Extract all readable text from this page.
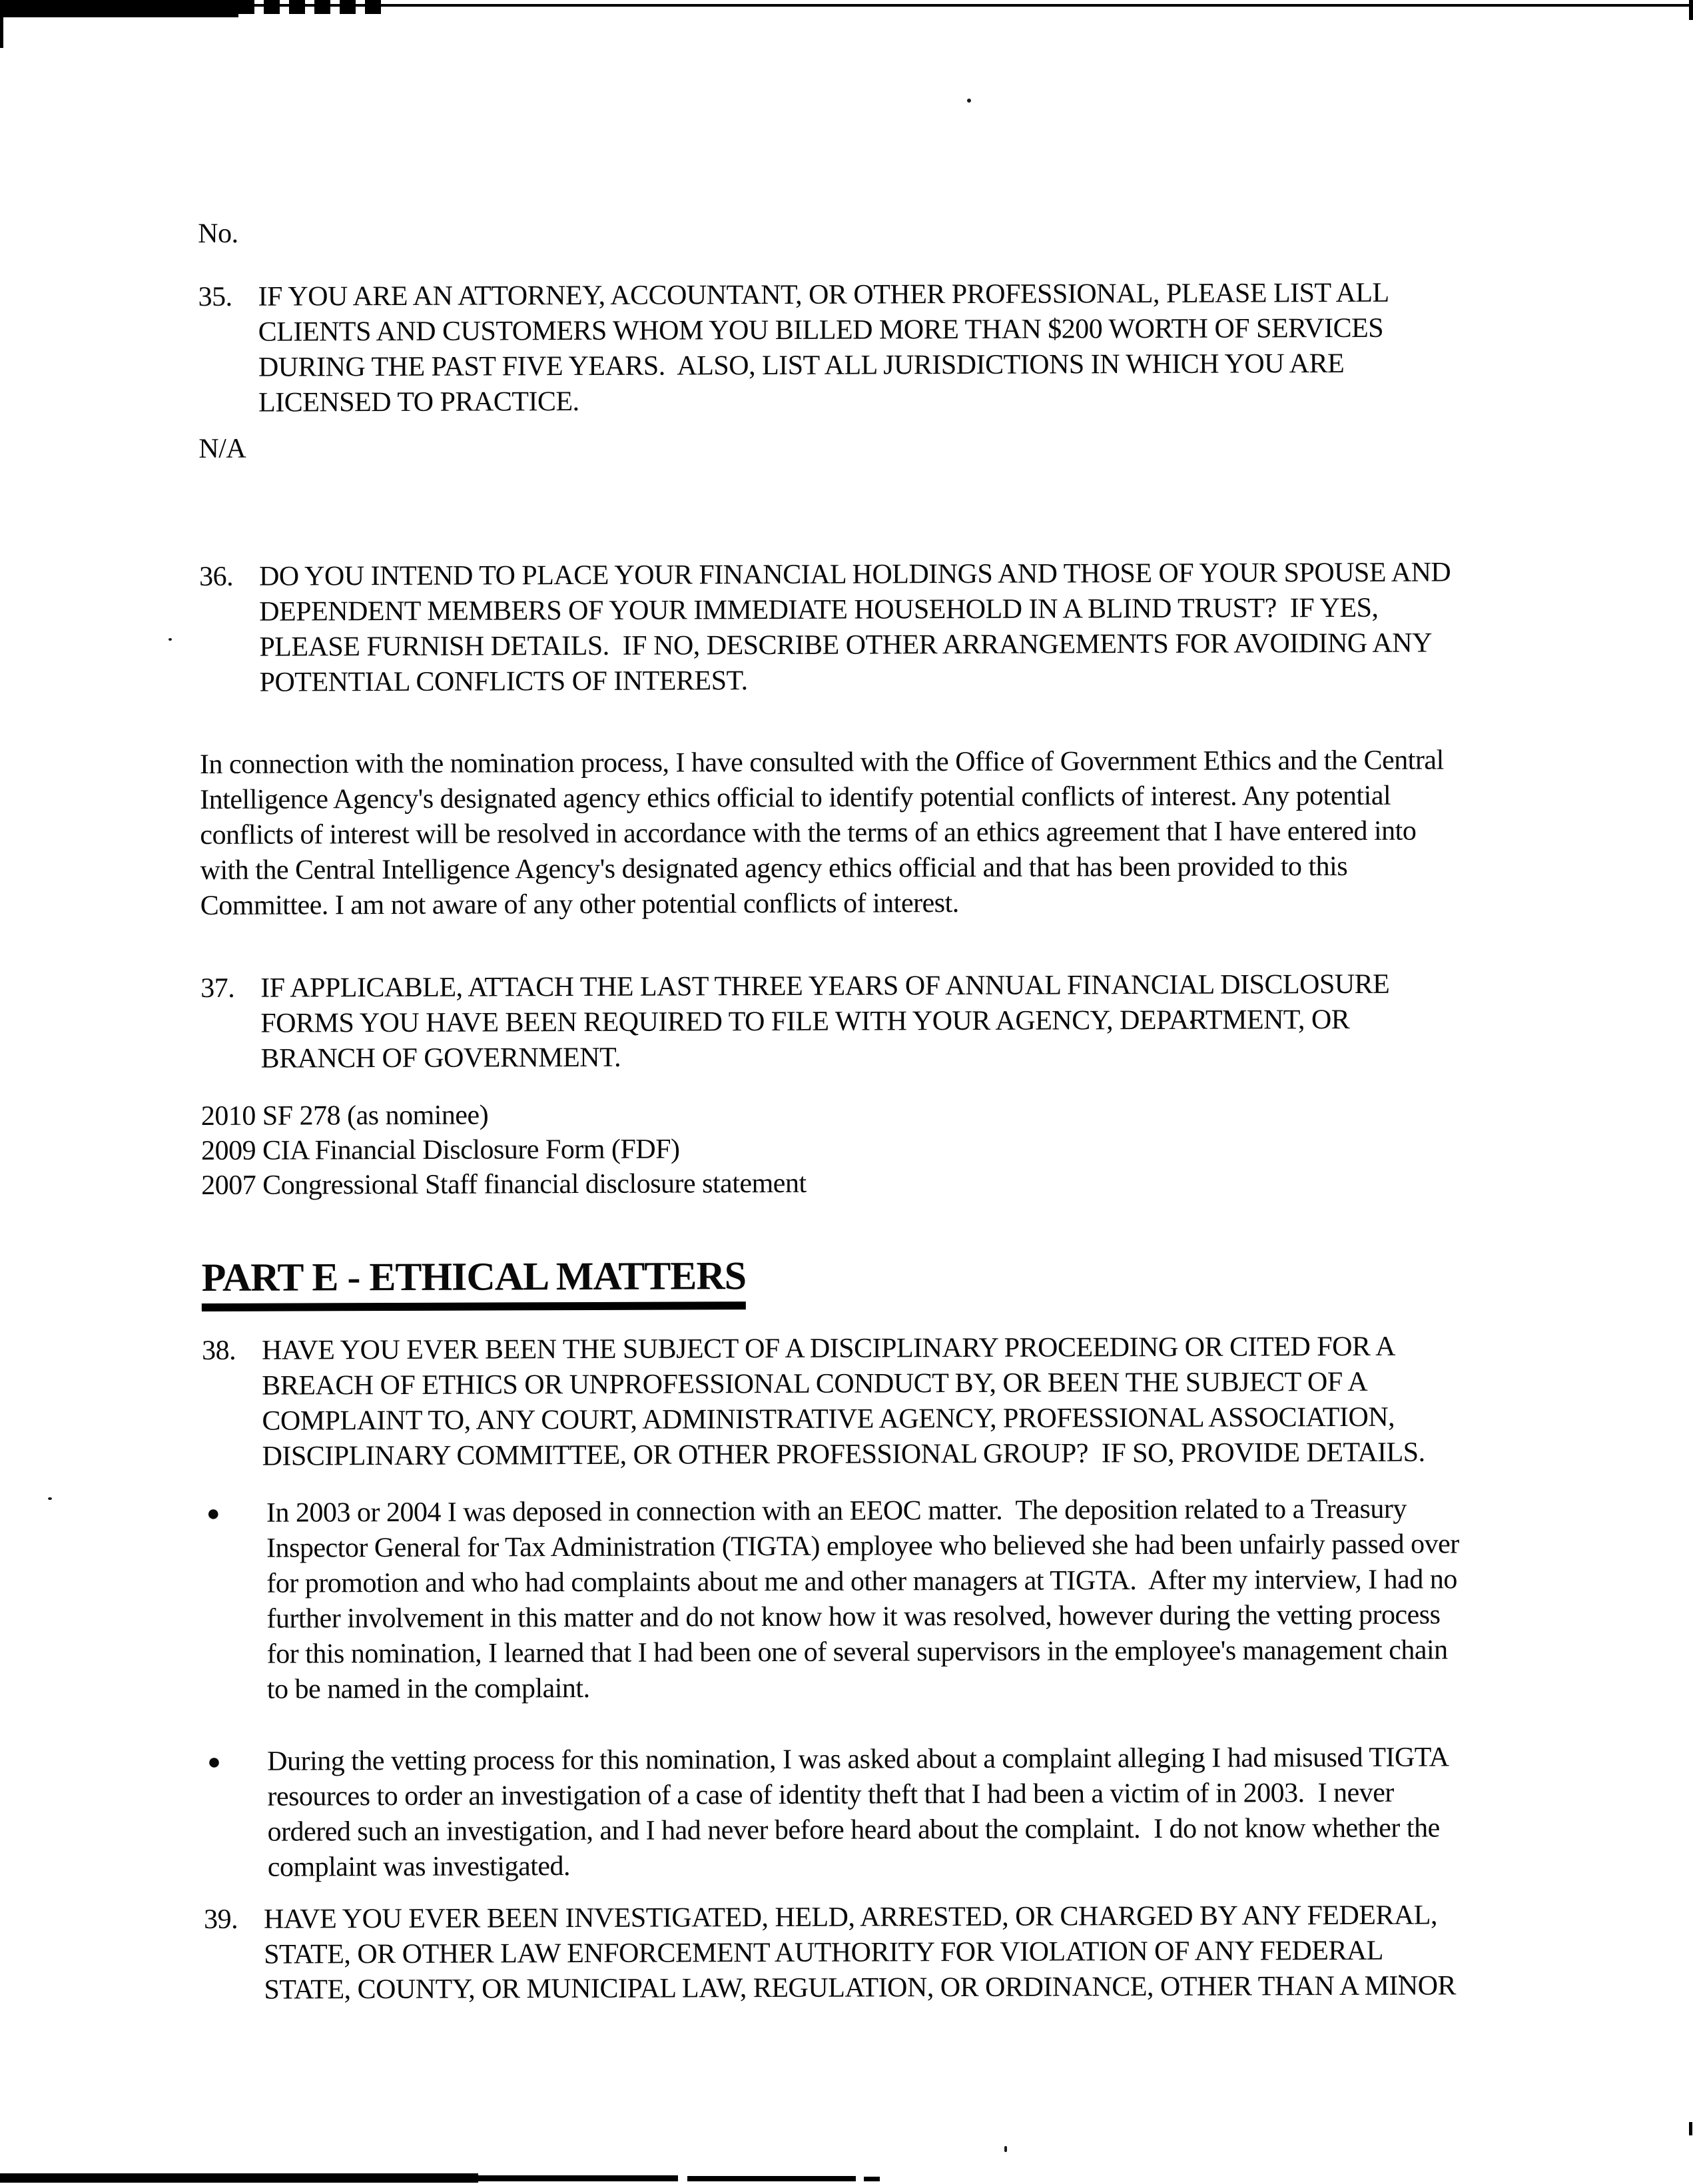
No.
35. IF YOU ARE AN ATTORNEY, ACCOUNTANT, OR OTHER PROFESSIONAL, PLEASE LIST ALL
CLIENTS AND CUSTOMERS WHOM YOU BILLED MORE THAN $200 WORTH OF SERVICES
DURING THE PAST FIVE YEARS.  ALSO, LIST ALL JURISDICTIONS IN WHICH YOU ARE
LICENSED TO PRACTICE.
N/A
36. DO YOU INTEND TO PLACE YOUR FINANCIAL HOLDINGS AND THOSE OF YOUR SPOUSE AND
DEPENDENT MEMBERS OF YOUR IMMEDIATE HOUSEHOLD IN A BLIND TRUST?  IF YES,
PLEASE FURNISH DETAILS.  IF NO, DESCRIBE OTHER ARRANGEMENTS FOR AVOIDING ANY
POTENTIAL CONFLICTS OF INTEREST.
In connection with the nomination process, I have consulted with the Office of Government Ethics and the Central
Intelligence Agency's designated agency ethics official to identify potential conflicts of interest. Any potential
conflicts of interest will be resolved in accordance with the terms of an ethics agreement that I have entered into
with the Central Intelligence Agency's designated agency ethics official and that has been provided to this
Committee. I am not aware of any other potential conflicts of interest.
37. IF APPLICABLE, ATTACH THE LAST THREE YEARS OF ANNUAL FINANCIAL DISCLOSURE
FORMS YOU HAVE BEEN REQUIRED TO FILE WITH YOUR AGENCY, DEPARTMENT, OR
BRANCH OF GOVERNMENT.
2010 SF 278 (as nominee)
2009 CIA Financial Disclosure Form (FDF)
2007 Congressional Staff financial disclosure statement
PART E - ETHICAL MATTERS
38. HAVE YOU EVER BEEN THE SUBJECT OF A DISCIPLINARY PROCEEDING OR CITED FOR A
BREACH OF ETHICS OR UNPROFESSIONAL CONDUCT BY, OR BEEN THE SUBJECT OF A
COMPLAINT TO, ANY COURT, ADMINISTRATIVE AGENCY, PROFESSIONAL ASSOCIATION,
DISCIPLINARY COMMITTEE, OR OTHER PROFESSIONAL GROUP?  IF SO, PROVIDE DETAILS.
●	In 2003 or 2004 I was deposed in connection with an EEOC matter.  The deposition related to a Treasury
Inspector General for Tax Administration (TIGTA) employee who believed she had been unfairly passed over
for promotion and who had complaints about me and other managers at TIGTA.  After my interview, I had no
further involvement in this matter and do not know how it was resolved, however during the vetting process
for this nomination, I learned that I had been one of several supervisors in the employee's management chain
to be named in the complaint.
●	During the vetting process for this nomination, I was asked about a complaint alleging I had misused TIGTA
resources to order an investigation of a case of identity theft that I had been a victim of in 2003.  I never
ordered such an investigation, and I had never before heard about the complaint.  I do not know whether the
complaint was investigated.
39. HAVE YOU EVER BEEN INVESTIGATED, HELD, ARRESTED, OR CHARGED BY ANY FEDERAL,
STATE, OR OTHER LAW ENFORCEMENT AUTHORITY FOR VIOLATION OF ANY FEDERAL
STATE, COUNTY, OR MUNICIPAL LAW, REGULATION, OR ORDINANCE, OTHER THAN A MINOR
